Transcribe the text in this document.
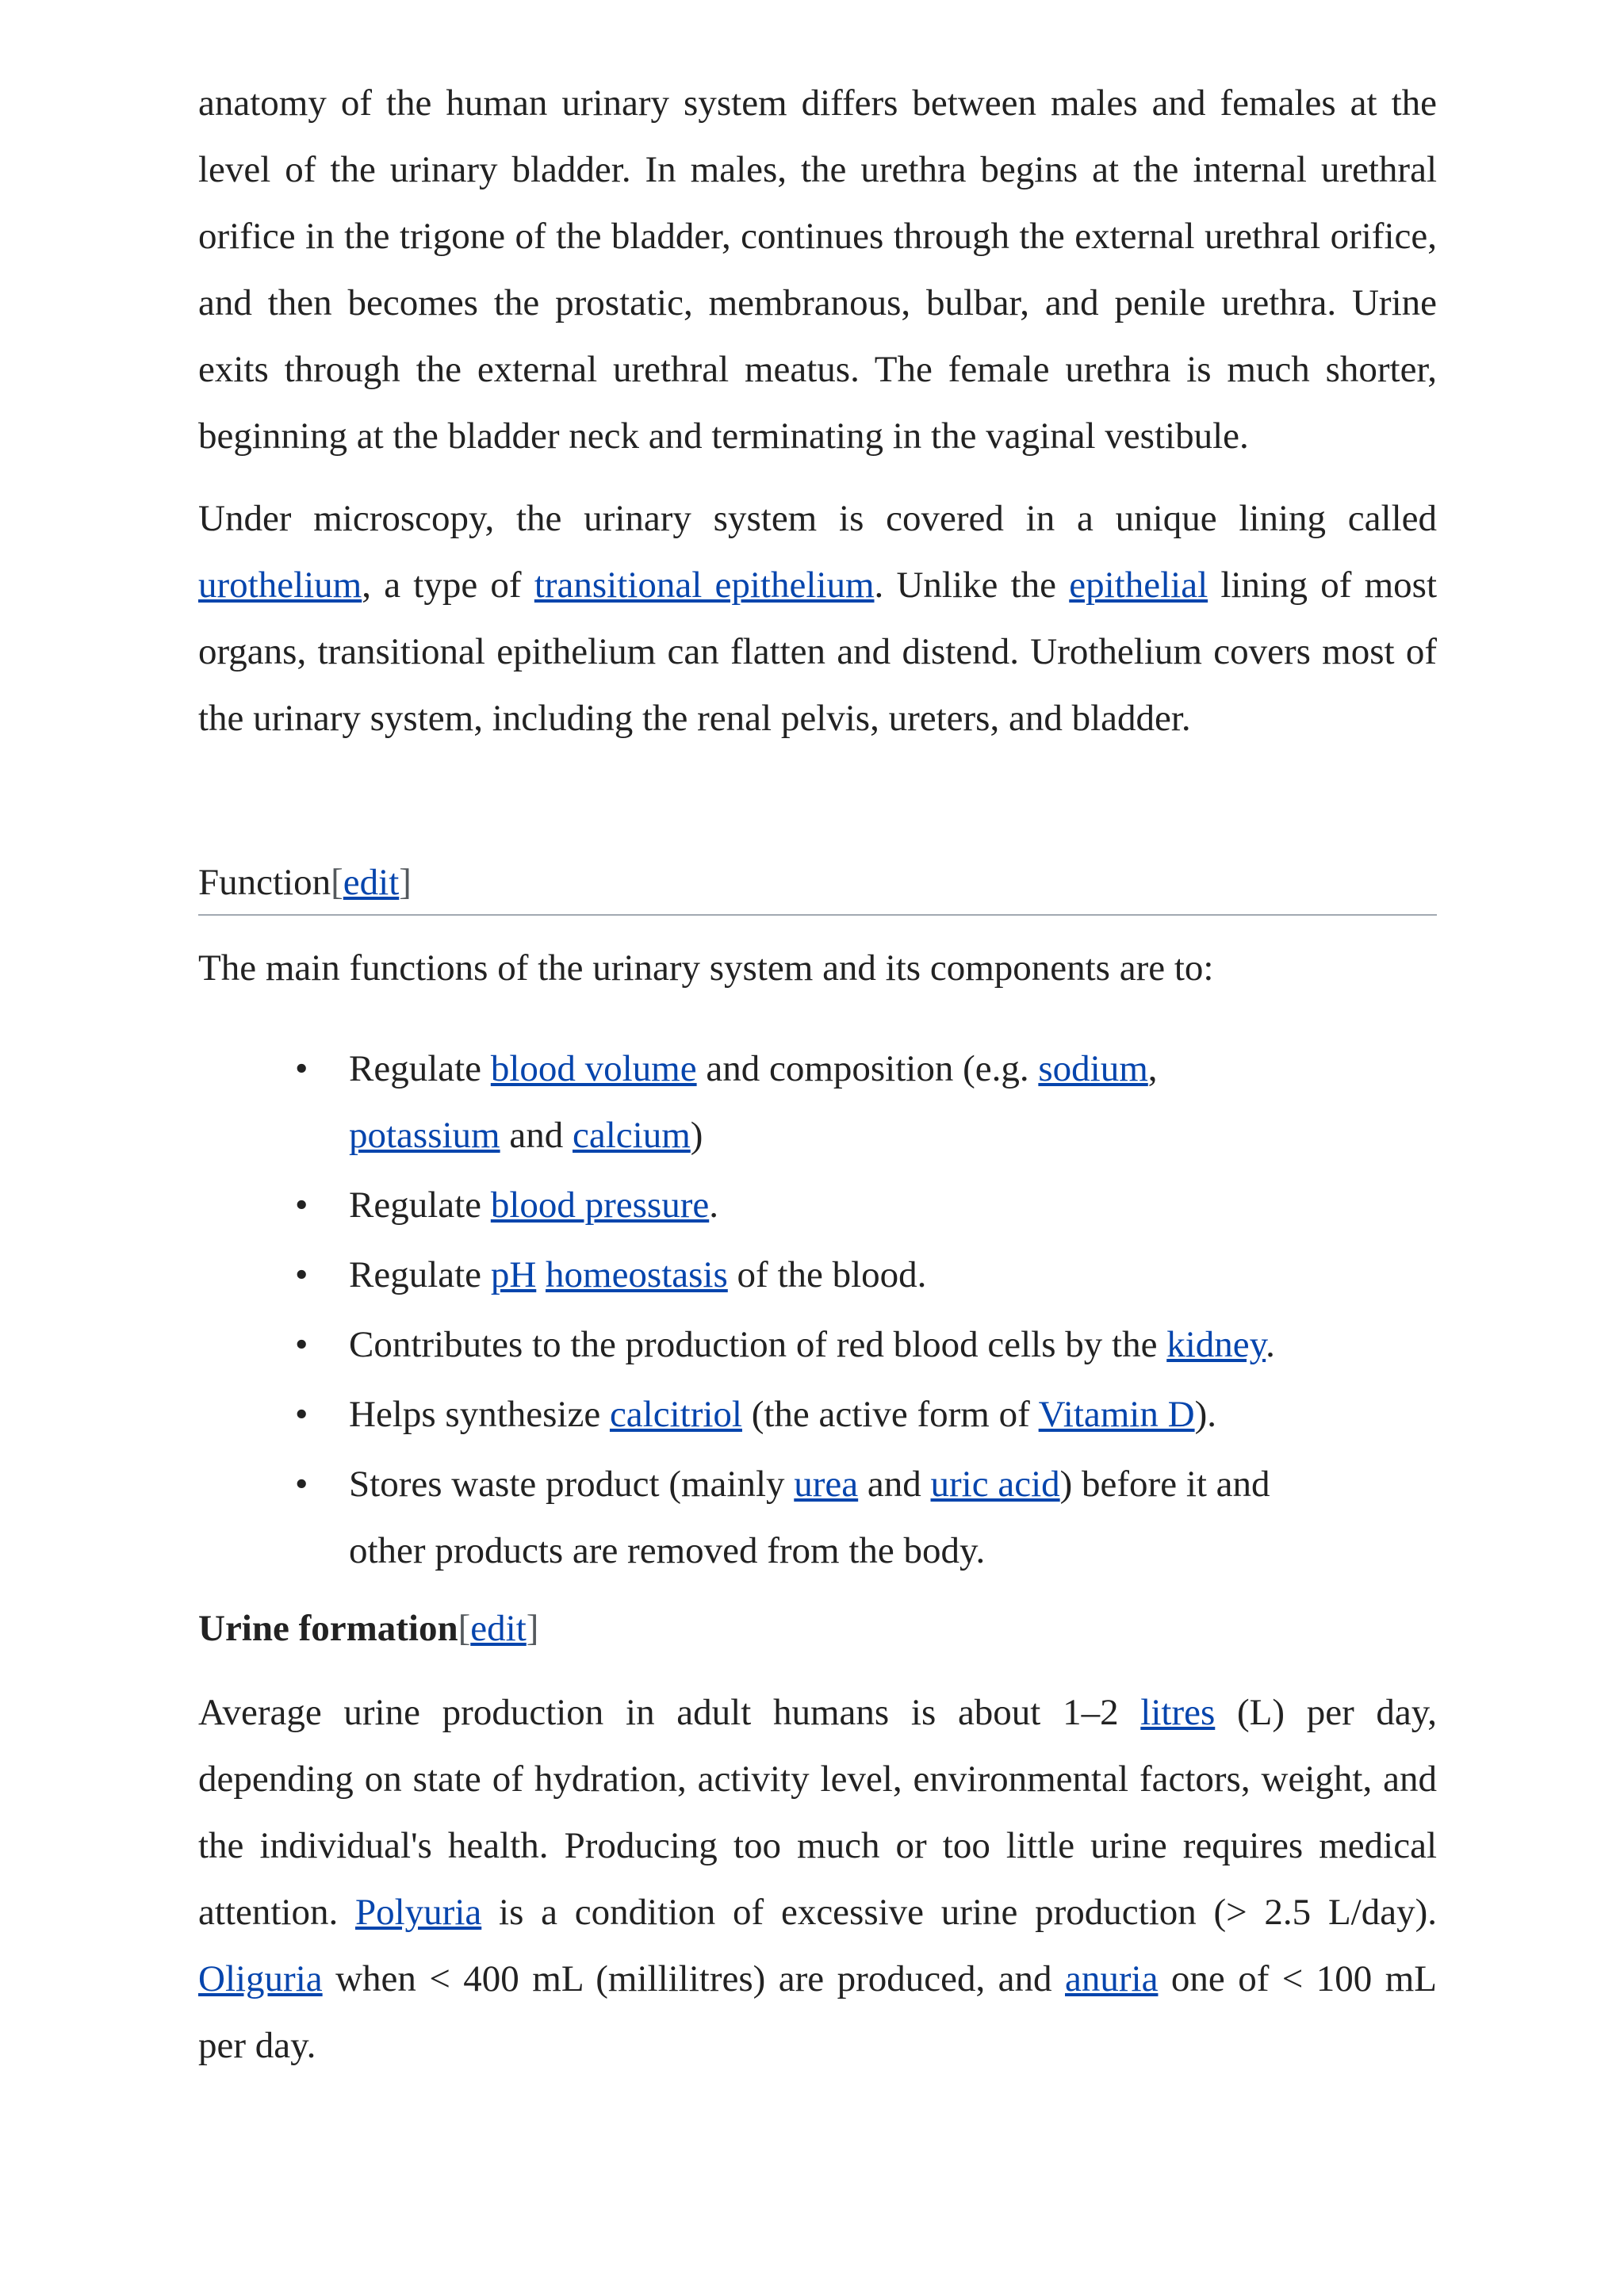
anatomy of the human urinary system differs between males and females at the level of the urinary bladder. In males, the urethra begins at the internal urethral orifice in the trigone of the bladder, continues through the external urethral orifice, and then becomes the prostatic, membranous, bulbar, and penile urethra. Urine exits through the external urethral meatus. The female urethra is much shorter, beginning at the bladder neck and terminating in the vaginal vestibule.

Under microscopy, the urinary system is covered in a unique lining called urothelium, a type of transitional epithelium. Unlike the epithelial lining of most organs, transitional epithelium can flatten and distend. Urothelium covers most of the urinary system, including the renal pelvis, ureters, and bladder.

Function[edit]

The main functions of the urinary system and its components are to:

• Regulate blood volume and composition (e.g. sodium, potassium and calcium)
• Regulate blood pressure.
• Regulate pH homeostasis of the blood.
• Contributes to the production of red blood cells by the kidney.
• Helps synthesize calcitriol (the active form of Vitamin D).
• Stores waste product (mainly urea and uric acid) before it and other products are removed from the body.
Urine formation[edit]

Average urine production in adult humans is about 1–2 litres (L) per day, depending on state of hydration, activity level, environmental factors, weight, and the individual's health. Producing too much or too little urine requires medical attention. Polyuria is a condition of excessive urine production (> 2.5 L/day). Oliguria when < 400 mL (millilitres) are produced, and anuria one of < 100 mL per day.
